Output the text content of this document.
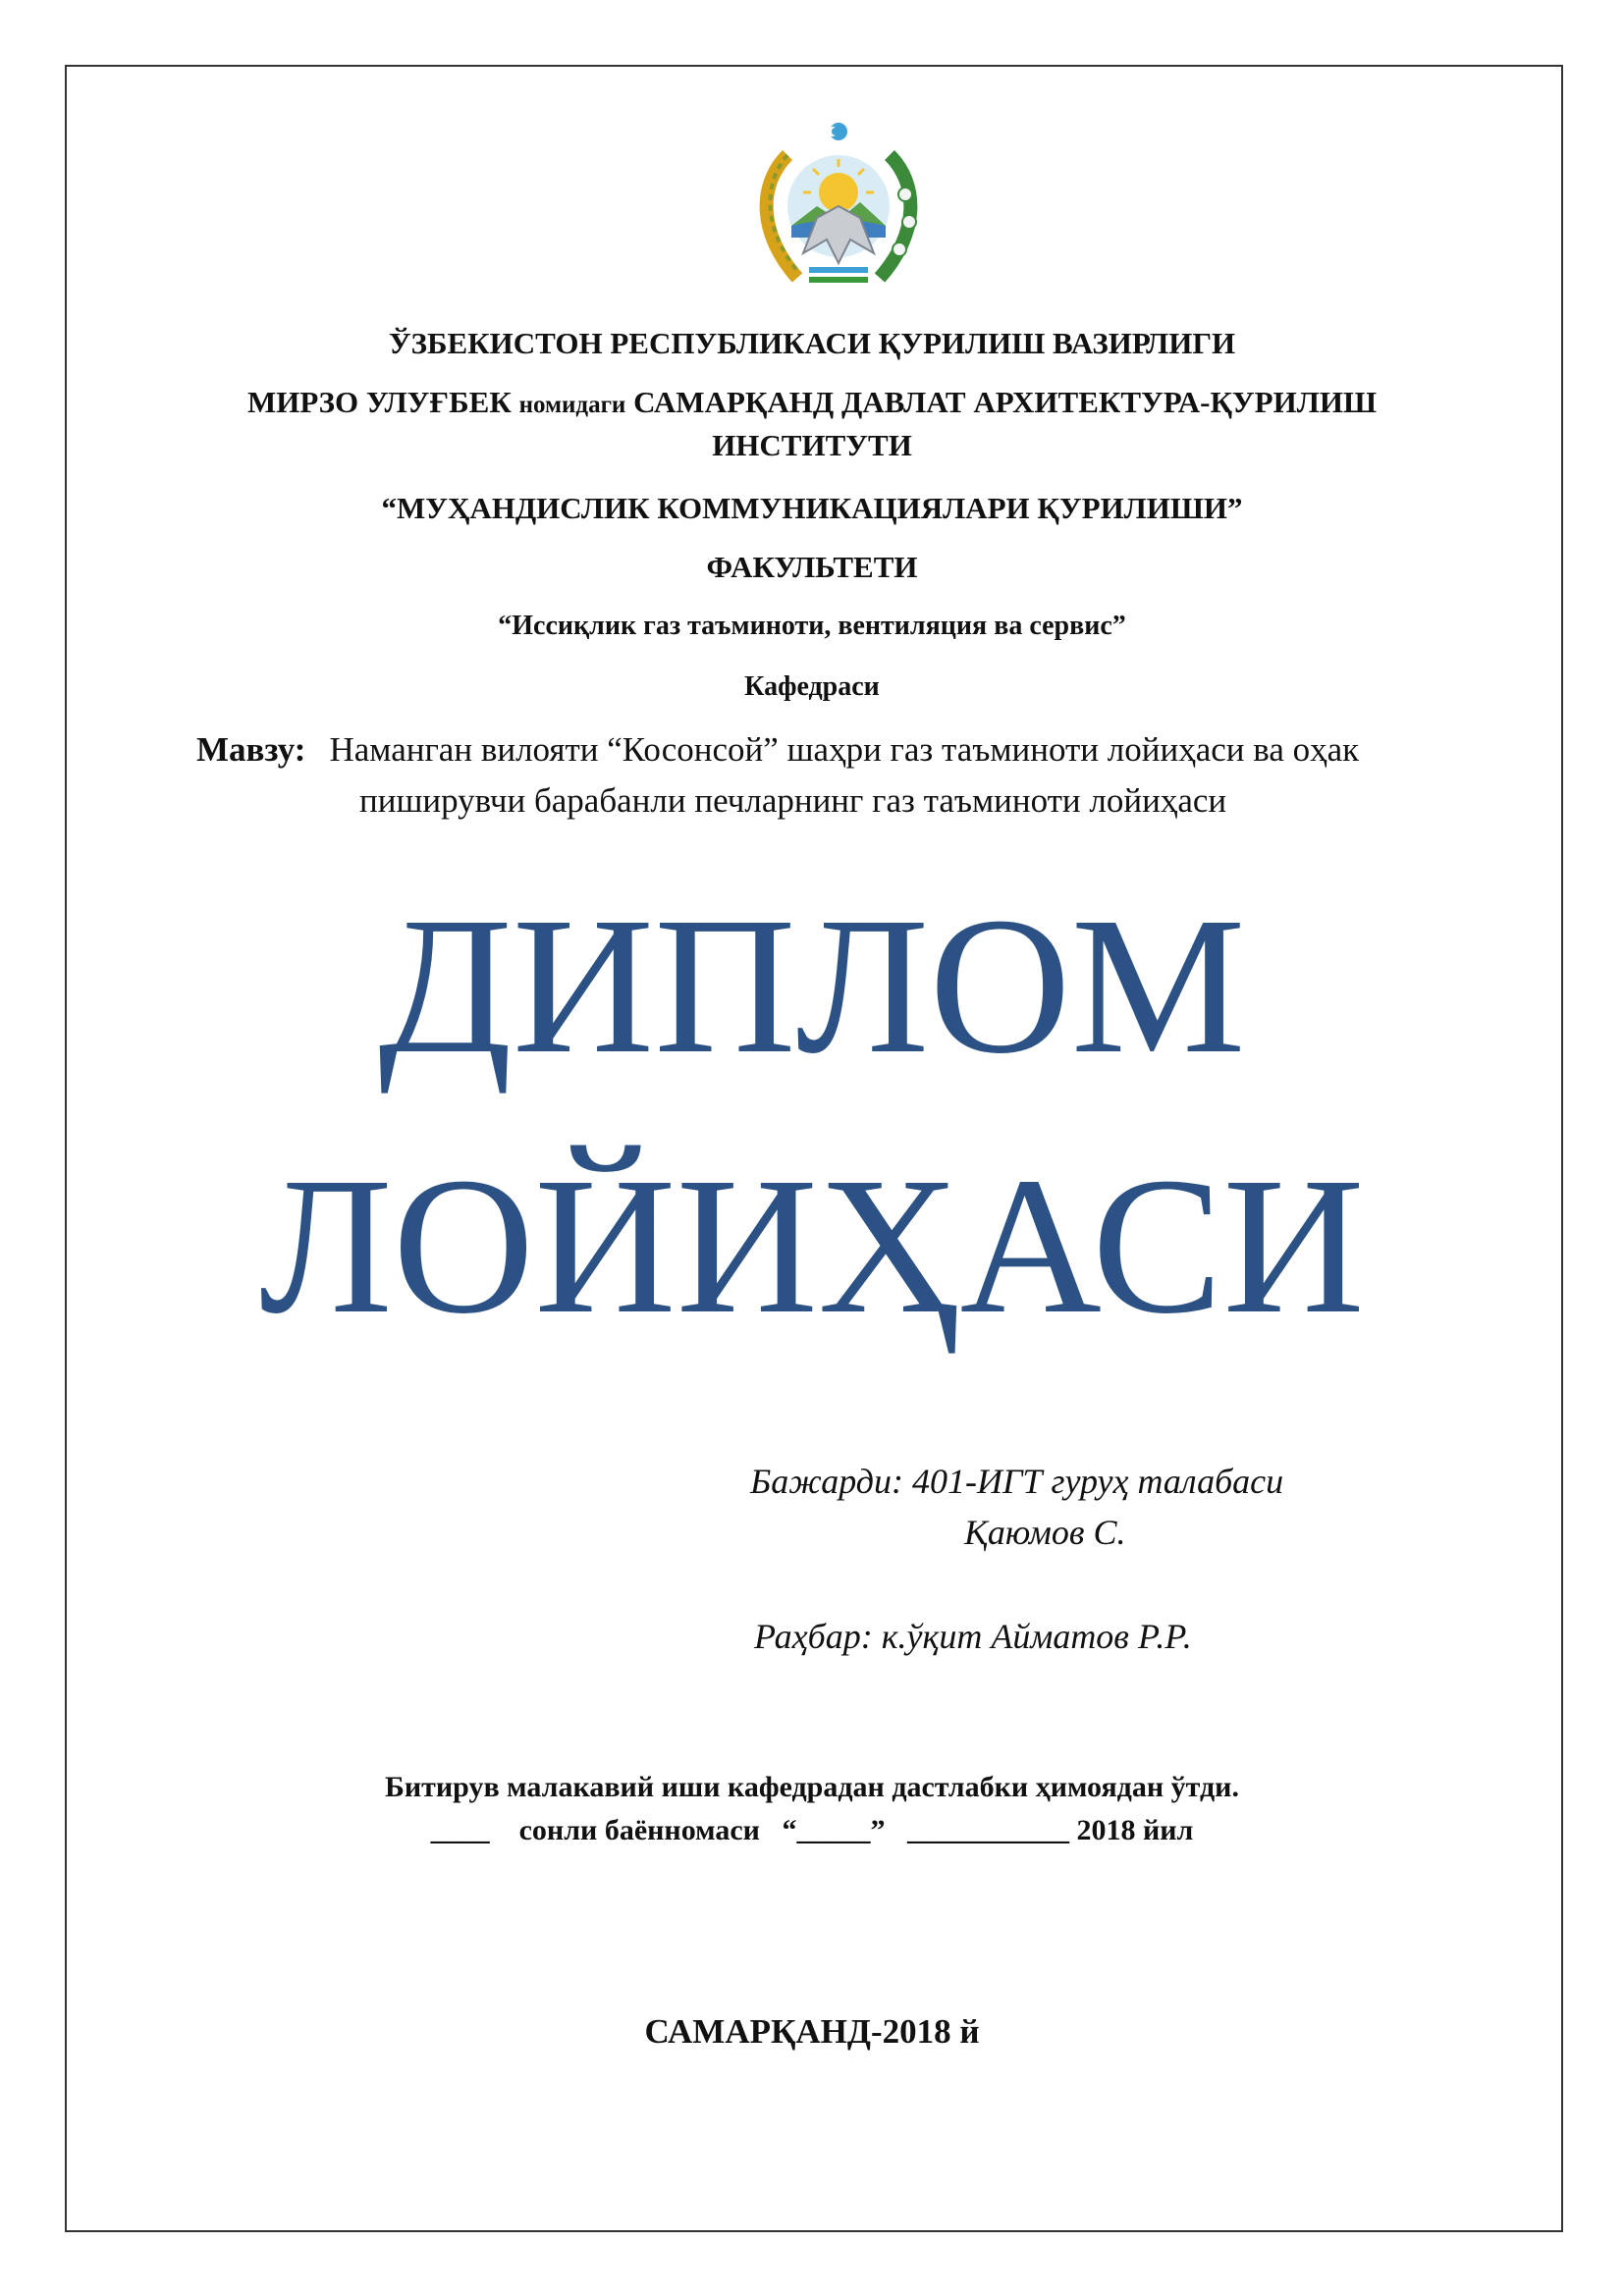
ЎЗБЕКИСТОН РЕСПУБЛИКАСИ ҚУРИЛИШ ВАЗИРЛИГИ
МИРЗО УЛУҒБЕК номидаги САМАРҚАНД ДАВЛАТ АРХИТЕКТУРА-ҚУРИЛИШ
ИНСТИТУТИ
“МУҲАНДИСЛИК КОММУНИКАЦИЯЛАРИ ҚУРИЛИШИ”
ФАКУЛЬТЕТИ
“Иссиқлик газ таъминоти, вентиляция ва сервис”
Кафедраси
Мавзу: Наманган вилояти “Косонсой” шаҳри газ таъминоти лойиҳаси ва оҳак
пиширувчи барабанли печларнинг газ таъминоти лойиҳаси
ДИПЛОМ
ЛОЙИҲАСИ
Бажарди: 401-ИГТ гуруҳ талабаси
Қаюмов С.
Раҳбар: к.ўқит Айматов Р.Р.
Битирув малакавий иши кафедрадан дастлабки ҳимоядан ўтди.
____    сонли баённомаси   “_____”   ___________ 2018 йил
САМАРҚАНД-2018 й
